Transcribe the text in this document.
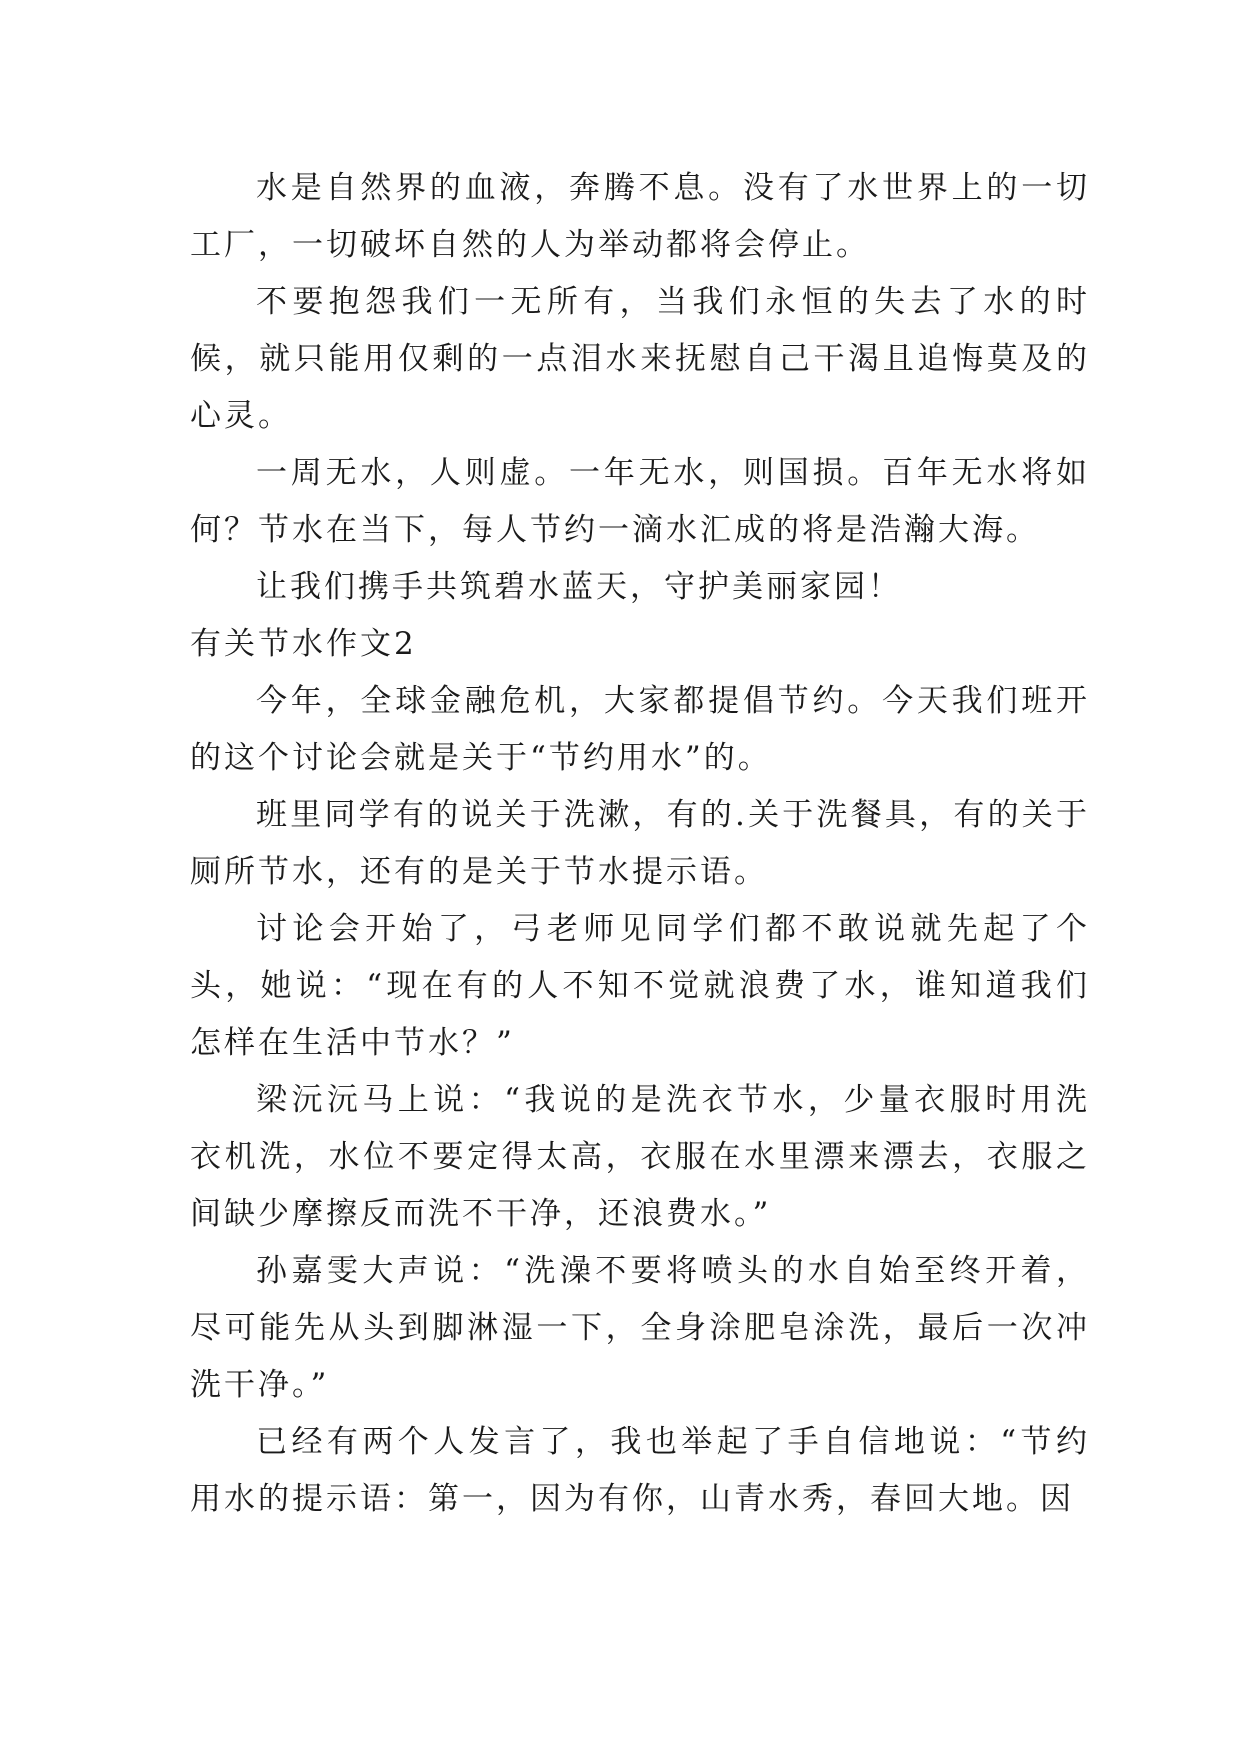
水是自然界的血液，奔腾不息。没有了水世界上的一切工厂，一切破坏自然的人为举动都将会停止。

不要抱怨我们一无所有，当我们永恒的失去了水的时候，就只能用仅剩的一点泪水来抚慰自己干渴且追悔莫及的心灵。

一周无水，人则虚。一年无水，则国损。百年无水将如何？节水在当下，每人节约一滴水汇成的将是浩瀚大海。

让我们携手共筑碧水蓝天，守护美丽家园！

有关节水作文2

今年，全球金融危机，大家都提倡节约。今天我们班开的这个讨论会就是关于“节约用水”的。

班里同学有的说关于洗漱，有的.关于洗餐具，有的关于厕所节水，还有的是关于节水提示语。

讨论会开始了，弓老师见同学们都不敢说就先起了个头，她说：“现在有的人不知不觉就浪费了水，谁知道我们怎样在生活中节水？”

梁沅沅马上说：“我说的是洗衣节水，少量衣服时用洗衣机洗，水位不要定得太高，衣服在水里漂来漂去，衣服之间缺少摩擦反而洗不干净，还浪费水。”

孙嘉雯大声说：“洗澡不要将喷头的水自始至终开着，尽可能先从头到脚淋湿一下，全身涂肥皂涂洗，最后一次冲洗干净。”

已经有两个人发言了，我也举起了手自信地说：“节约用水的提示语：第一，因为有你，山青水秀，春回大地。因
